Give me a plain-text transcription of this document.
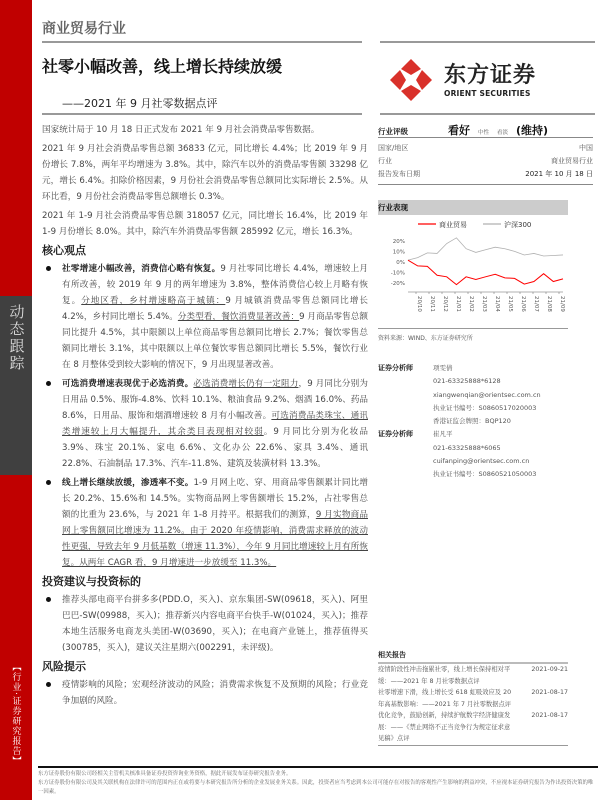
动态跟踪
【行业·证券研究报告】
商业贸易行业
社零小幅改善，线上增长持续放缓
——2021 年 9 月社零数据点评
东方证券
ORIENT SECURITIES

国家统计局于 10 月 18 日正式发布 2021 年 9 月社会消费品零售数据。

2021 年 9 月社会消费品零售总额 36833 亿元，同比增长 4.4%；比 2019 年 9 月份增长 7.8%，两年平均增速为 3.8%。其中，除汽车以外的消费品零售额 33298 亿元，增长 6.4%。扣除价格因素，9 月份社会消费品零售总额同比实际增长 2.5%。从环比看，9 月份社会消费品零售总额增长 0.3%。

2021 年 1-9 月社会消费品零售总额 318057 亿元，同比增长 16.4%，比 2019 年 1-9 月份增长 8.0%。其中，除汽车外消费品零售额 285992 亿元，增长 16.3%。

核心观点
社零增速小幅改善，消费信心略有恢复。9 月社零同比增长 4.4%，增速较上月有所改善，较 2019 年 9 月的两年增速为 3.8%，整体消费信心较上月略有恢复。分地区看，乡村增速略高于城镇：9 月城镇消费品零售总额同比增长 4.2%，乡村同比增长 5.4%。分类型看，餐饮消费显著改善：9 月商品零售总额同比提升 4.5%，其中限额以上单位商品零售总额同比增长 2.7%；餐饮零售总额同比增长 3.1%，其中限额以上单位餐饮零售总额同比增长 5.5%，餐饮行业在 8 月整体受到较大影响的情况下，9 月出现显著改善。
可选消费增速表现优于必选消费。必选消费增长仍有一定阻力，9 月同比分别为日用品 0.5%、服饰-4.8%、饮料 10.1%、粮油食品 9.2%、烟酒 16.0%、药品 8.6%，日用品、服饰和烟酒增速较 8 月有小幅改善。可选消费品类珠宝、通讯类增速较上月大幅提升，其余类目表现相对较弱。9 月同比分别为化妆品 3.9%、珠宝 20.1%、家电 6.6%、文化办公 22.6%、家具 3.4%、通讯 22.8%、石油制品 17.3%、汽车-11.8%、建筑及装潢材料 13.3%。
线上增长继续放缓，渗透率不变。1-9 月网上吃、穿、用商品零售额累计同比增长 20.2%、15.6%和 14.5%。实物商品网上零售额增长 15.2%，占社零售总额的比重为 23.6%，与 2021 年 1-8 月持平。根据我们的测算，9 月实物商品网上零售额同比增速为 11.2%。由于 2020 年疫情影响，消费需求释放的波动性更强，导致去年 9 月低基数（增速 11.3%），今年 9 月同比增速较上月有所恢复。从两年 CAGR 看，9 月增速进一步放缓至 11.3%。
投资建议与投资标的
推荐头部电商平台拼多多(PDD.O，买入)、京东集团-SW(09618，买入)、阿里巴巴-SW(09988，买入)；推荐新兴内容电商平台快手-W(01024，买入)；推荐本地生活服务电商龙头美团-W(03690，买入)；在电商产业链上，推荐值得买(300785，买入)，建议关注星期六(002291，未评级)。
风险提示
疫情影响的风险；宏观经济波动的风险；消费需求恢复不及预期的风险；行业竞争加剧的风险。
行业评级	看好 中性 看淡 (维持)
国家/地区	中国
行业	商业贸易行业
报告发布日期	2021 年 10 月 18 日
行业表现
商业贸易	沪深300
20%
10%
0%
-10%
-20%
20/10 20/11 20/12 21/01 21/02 21/03 21/04 21/05 21/06 21/07 21/08 21/09
资料来源：WIND、东方证券研究所
证券分析师	项雯倩
021-63325888*6128
xiangwenqian@orientsec.com.cn
执业证书编号：S0860517020003
香港证监会牌照：BQP120
证券分析师	崔凡平
021-63325888*6065
cuifanping@orientsec.com.cn
执业证书编号：S0860521050003
相关报告
疫情阶段性冲击拖累社零，线上增长保持相对平缓：——2021 年 8 月社零数据点评
2021-09-21
社零增速下滑，线上增长受 618 虹吸效应及 20 年高基数影响：——2021 年 7 月社零数据点评
2021-08-17
优化竞争，鼓励创新，持续护航数字经济健康发展：——《禁止网络不正当竞争行为规定征求意见稿》点评
2021-08-17
东方证券股份有限公司经相关主管机关核准具备证券投资咨询业务资格，据此开展发布证券研究报告业务。
东方证券股份有限公司及其关联机构在法律许可的范围内正在或将要与本研究报告所分析的企业发展业务关系。因此，投资者应当考虑到本公司可能存在对报告的客观性产生影响的利益冲突，不应视本证券研究报告为作出投资决策的唯一因素。
